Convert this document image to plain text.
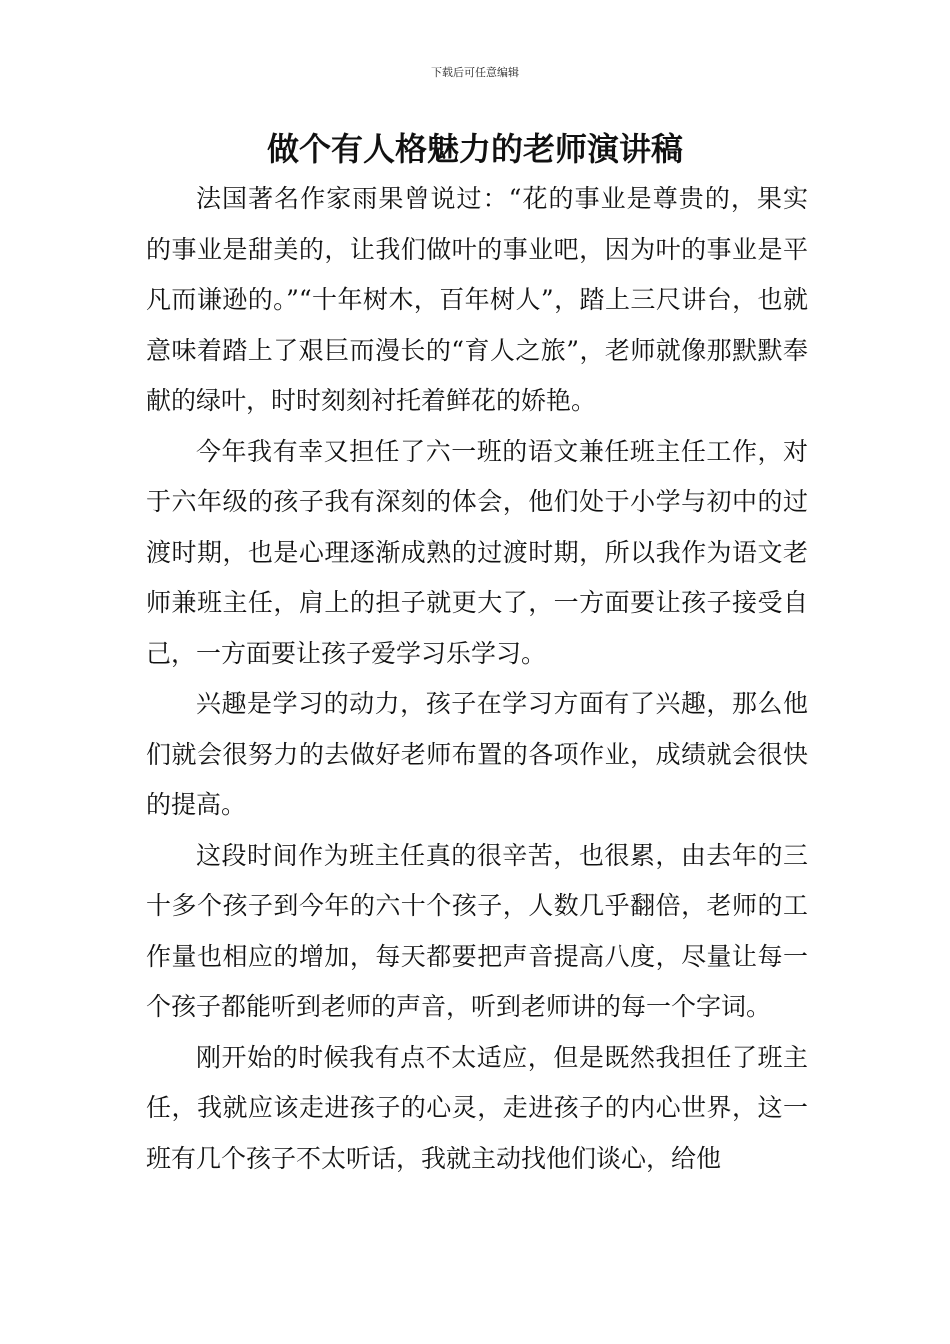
下载后可任意编辑
做个有人格魅力的老师演讲稿

法国著名作家雨果曾说过：“花的事业是尊贵的，果实的事业是甜美的，让我们做叶的事业吧，因为叶的事业是平凡而谦逊的。”“十年树木，百年树人”，踏上三尺讲台，也就意味着踏上了艰巨而漫长的“育人之旅”，老师就像那默默奉献的绿叶，时时刻刻衬托着鲜花的娇艳。

今年我有幸又担任了六一班的语文兼任班主任工作，对于六年级的孩子我有深刻的体会，他们处于小学与初中的过渡时期，也是心理逐渐成熟的过渡时期，所以我作为语文老师兼班主任，肩上的担子就更大了，一方面要让孩子接受自己，一方面要让孩子爱学习乐学习。

兴趣是学习的动力，孩子在学习方面有了兴趣，那么他们就会很努力的去做好老师布置的各项作业，成绩就会很快的提高。

这段时间作为班主任真的很辛苦，也很累，由去年的三十多个孩子到今年的六十个孩子，人数几乎翻倍，老师的工作量也相应的增加，每天都要把声音提高八度，尽量让每一个孩子都能听到老师的声音，听到老师讲的每一个字词。

刚开始的时候我有点不太适应，但是既然我担任了班主任，我就应该走进孩子的心灵，走进孩子的内心世界，这一班有几个孩子不太听话，我就主动找他们谈心，给他
